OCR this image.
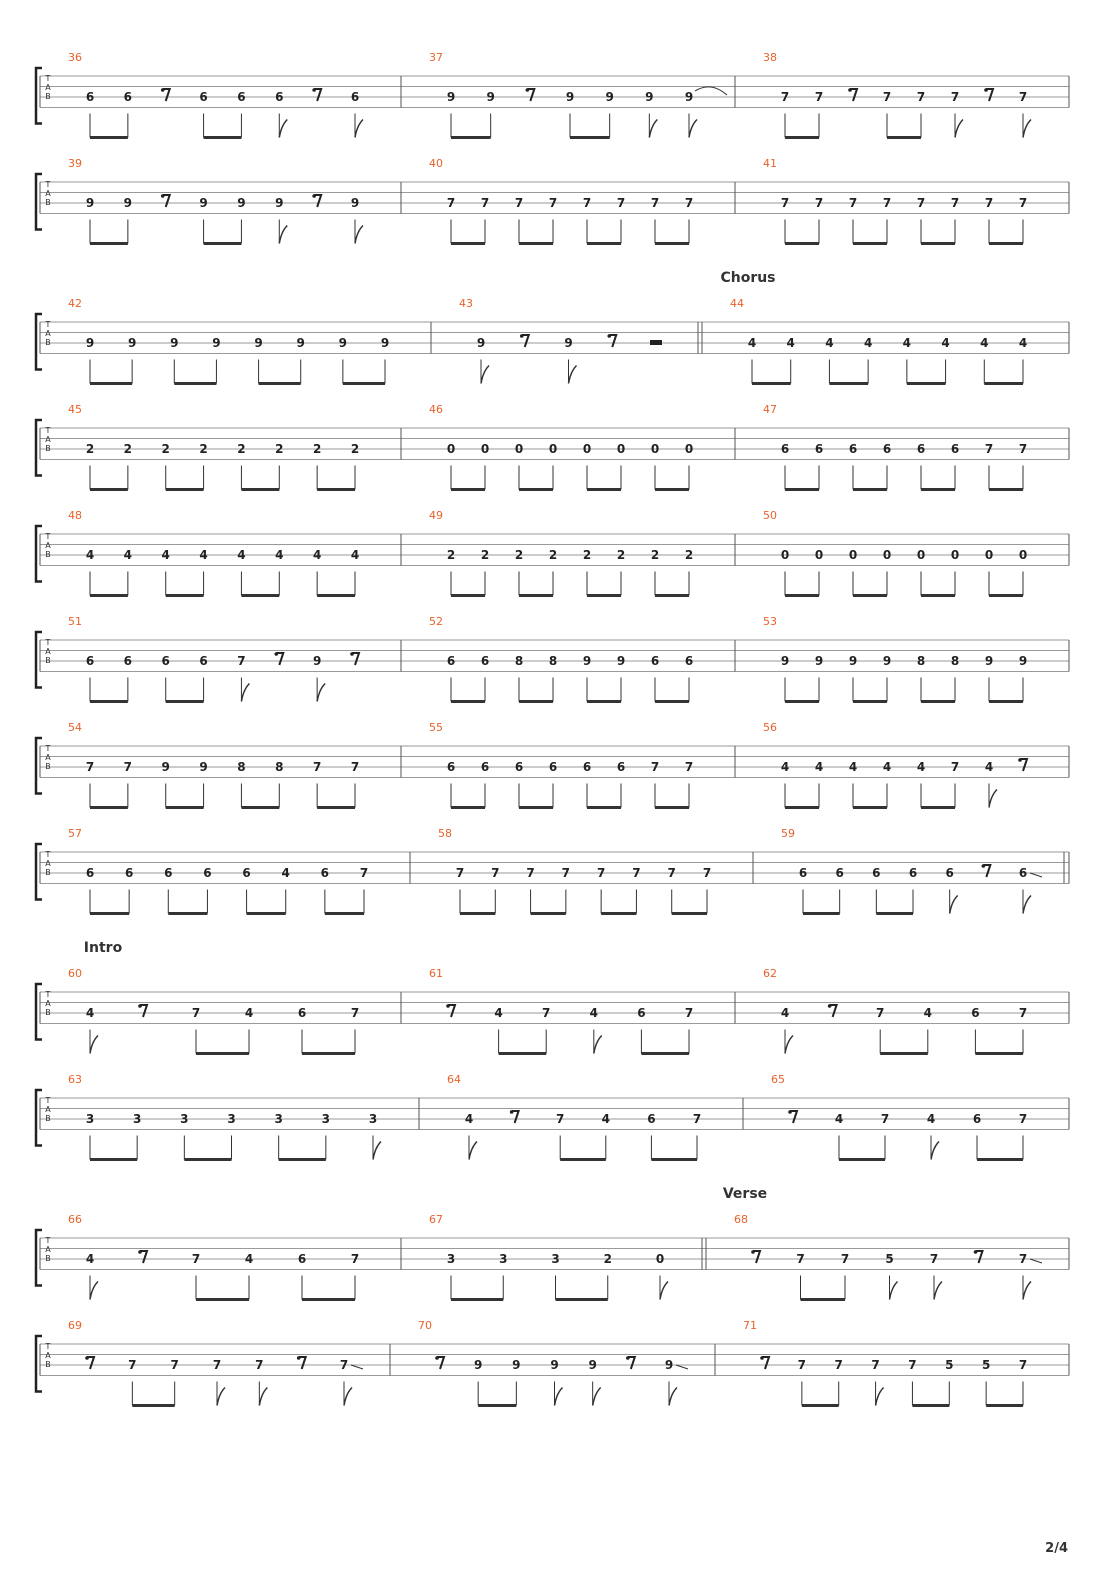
2/4
T
A
B
36
6 6	6 6 6	6
37
9	9	9	9	9	9
38
7 7	7 7 7	7
T
A
B
39
9 9	9 9 9	9
40
7 7 7 7 7 7 7 7
41
7 7 7 7 7 7 7 7
Chorus
T
A
B
42
9	9	9	9	9	9	9	9
43
9	9
44
4	4	4	4	4	4	4	4
T
A
B
45
2 2 2 2 2 2 2 2
46
0 0 0 0 0 0 0 0
47
6 6 6 6 6 6 7 7
T
A
B
48
4 4 4 4 4 4 4 4
49
2 2 2 2 2 2 2 2
50
0 0 0 0 0 0 0 0
T
A
B
51
6 6 6 6 7	9
52
6 6 8 8 9 9 6 6
53
9 9 9 9 8 8 9 9
T
A
B
54
7 7 9 9 8 8 7 7
55
6 6 6 6 6 6 7 7
56
4 4 4 4 4 7 4
T
A
B
57
6	6	6	6	6	4	6	7
58
7 7 7 7 7 7 7 7
59
6 6 6 6 6	6
Intro
T
A
B
60
4	7	4	6	7
61
4	7	4	6	7
62
4	7	4	6	7
T
A
B
63
3	3	3	3	3	3	3
64
4	7	4	6	7
65
4	7	4	6	7
Verse
T
A
B
66
4	7	4	6	7
67
3	3	3	2	0
68
7	7	5	7	7
T
A
B
69
7	7	7	7	7
70
9 9 9 9	9
71
7 7 7 7 5 5 7
